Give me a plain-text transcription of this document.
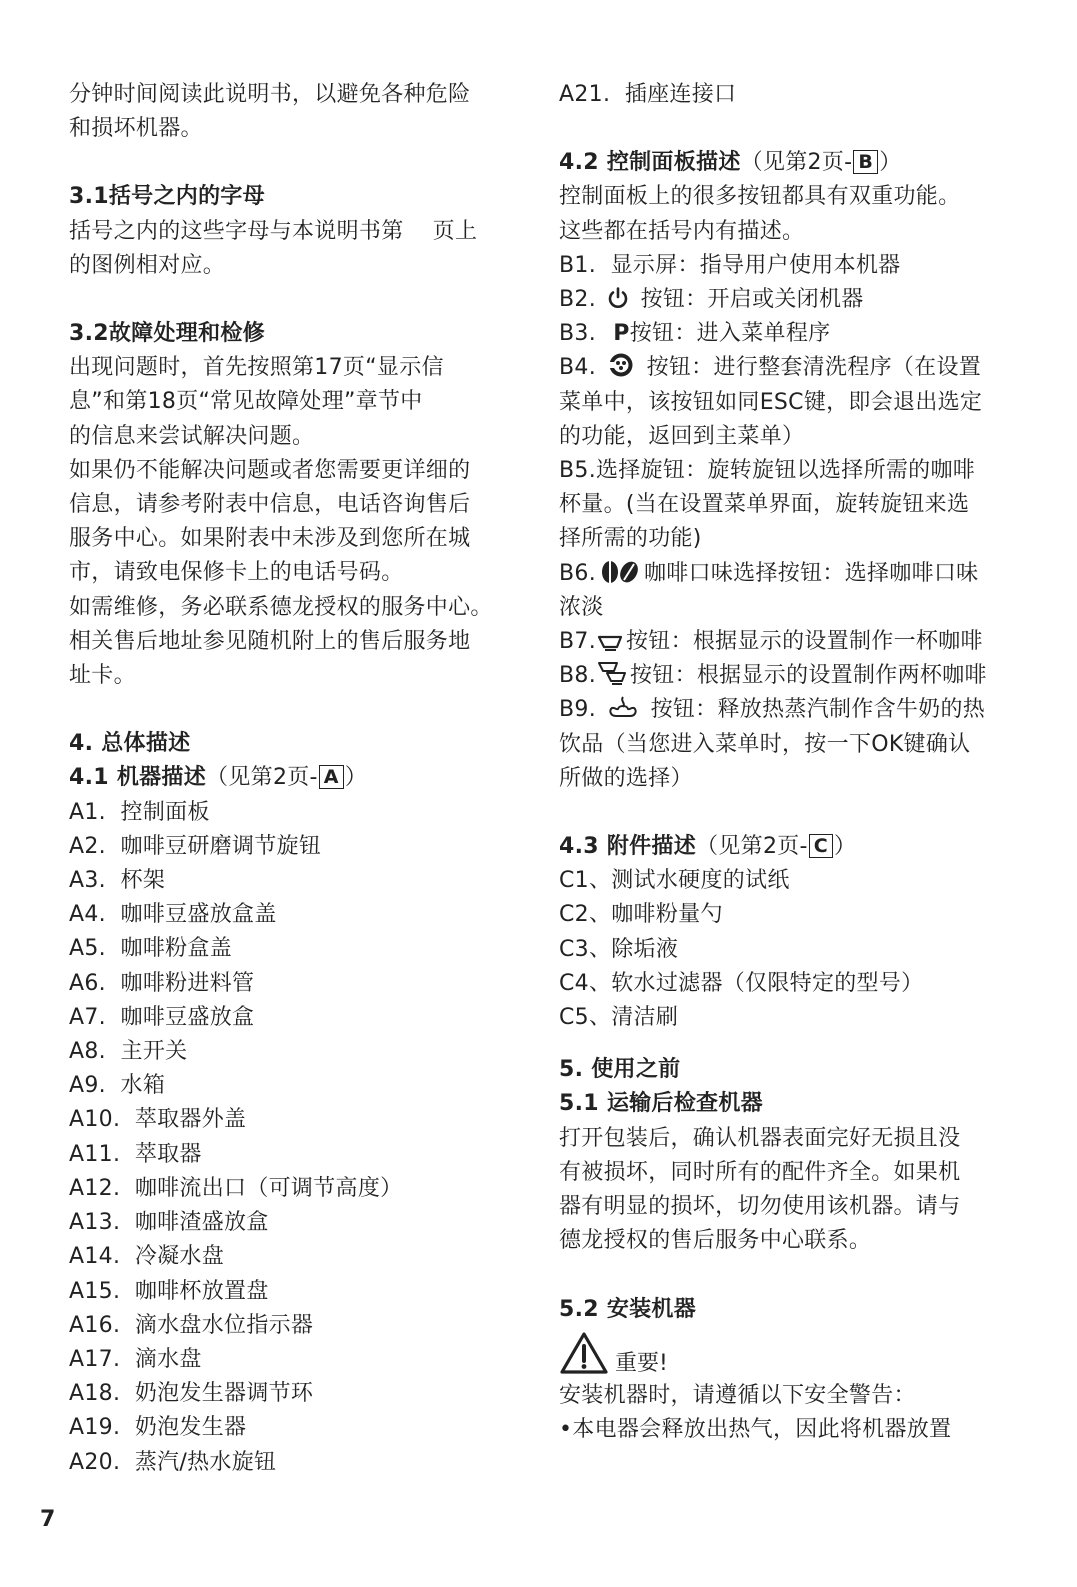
分钟时间阅读此说明书，以避免各种危险

和损坏机器。

3.1括号之内的字母

括号之内的这些字母与本说明书第    页上

的图例相对应。

3.2故障处理和检修

出现问题时，首先按照第17页“显示信

息”和第18页“常见故障处理”章节中

的信息来尝试解决问题。

如果仍不能解决问题或者您需要更详细的

信息，请参考附表中信息，电话咨询售后

服务中心。如果附表中未涉及到您所在城

市，请致电保修卡上的电话号码。

如需维修，务必联系德龙授权的服务中心。

相关售后地址参见随机附上的售后服务地

址卡。

4. 总体描述

4.1 机器描述（见第2页- A ）

A1.  控制面板
A2.  咖啡豆研磨调节旋钮
A3.  杯架
A4.  咖啡豆盛放盒盖
A5.  咖啡粉盒盖
A6.  咖啡粉进料管
A7.  咖啡豆盛放盒
A8.  主开关
A9.  水箱
A10.  萃取器外盖
A11.  萃取器
A12.  咖啡流出口（可调节高度）
A13.  咖啡渣盛放盒
A14.  冷凝水盘
A15.  咖啡杯放置盘
A16.  滴水盘水位指示器
A17.  滴水盘
A18.  奶泡发生器调节环
A19.  奶泡发生器
A20.  蒸汽/热水旋钮

A21.  插座连接口

4.2 控制面板描述（见第2页- B ）

控制面板上的很多按钮都具有双重功能。

这些都在括号内有描述。

B1.  显示屏：指导用户使用本机器

B2. 按钮：开启或关闭机器

B3. P按钮：进入菜单程序

B4. 按钮：进行整套清洗程序（在设置

菜单中，该按钮如同ESC键，即会退出选定

的功能，返回到主菜单）

B5.选择旋钮：旋转旋钮以选择所需的咖啡

杯量。(当在设置菜单界面，旋转旋钮来选

择所需的功能)

B6. 咖啡口味选择按钮：选择咖啡口味

浓淡

B7. 按钮：根据显示的设置制作一杯咖啡

B8. 按钮：根据显示的设置制作两杯咖啡

B9. 按钮：释放热蒸汽制作含牛奶的热

饮品（当您进入菜单时，按一下OK键确认

所做的选择）

4.3 附件描述（见第2页- C ）

C1、测试水硬度的试纸
C2、咖啡粉量勺
C3、除垢液
C4、软水过滤器（仅限特定的型号）
C5、清洁刷

5. 使用之前

5.1 运输后检查机器

打开包装后，确认机器表面完好无损且没

有被损坏，同时所有的配件齐全。如果机

器有明显的损坏，切勿使用该机器。请与

德龙授权的售后服务中心联系。

5.2 安装机器

重要!

安装机器时，请遵循以下安全警告：

•本电器会释放出热气，因此将机器放置

7
